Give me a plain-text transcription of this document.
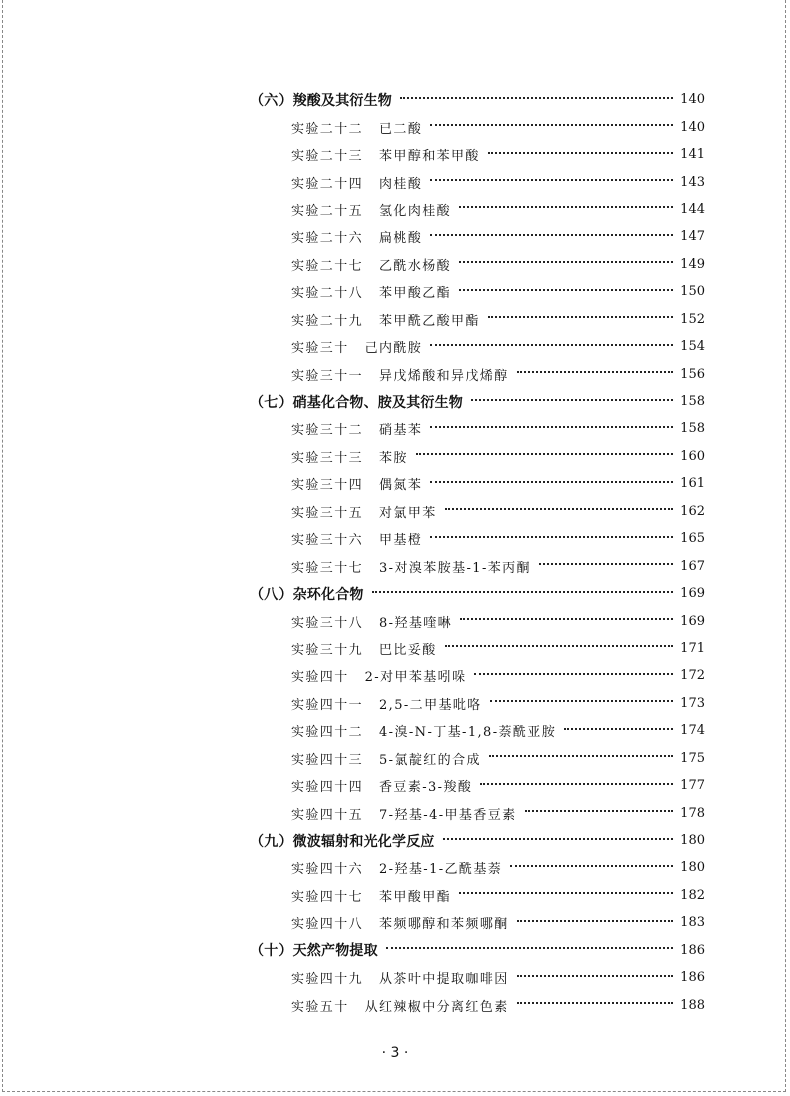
（六）羧酸及其衍生物	140
实验二十二 已二酸	140
实验二十三 苯甲醇和苯甲酸	141
实验二十四 肉桂酸	143
实验二十五 氢化肉桂酸	144
实验二十六 扁桃酸	147
实验二十七 乙酰水杨酸	149
实验二十八 苯甲酸乙酯	150
实验二十九 苯甲酰乙酸甲酯	152
实验三十 己内酰胺	154
实验三十一 异戊烯酸和异戊烯醇	156
（七）硝基化合物、胺及其衍生物	158
实验三十二 硝基苯	158
实验三十三 苯胺	160
实验三十四 偶氮苯	161
实验三十五 对氯甲苯	162
实验三十六 甲基橙	165
实验三十七 3-对溴苯胺基-1-苯丙酮	167
（八）杂环化合物	169
实验三十八 8-羟基喹啉	169
实验三十九 巴比妥酸	171
实验四十 2-对甲苯基吲哚	172
实验四十一 2,5-二甲基吡咯	173
实验四十二 4-溴-N-丁基-1,8-萘酰亚胺	174
实验四十三 5-氯靛红的合成	175
实验四十四 香豆素-3-羧酸	177
实验四十五 7-羟基-4-甲基香豆素	178
（九）微波辐射和光化学反应	180
实验四十六 2-羟基-1-乙酰基萘	180
实验四十七 苯甲酸甲酯	182
实验四十八 苯频哪醇和苯频哪酮	183
（十）天然产物提取	186
实验四十九 从茶叶中提取咖啡因	186
实验五十 从红辣椒中分离红色素	188
· 3 ·
